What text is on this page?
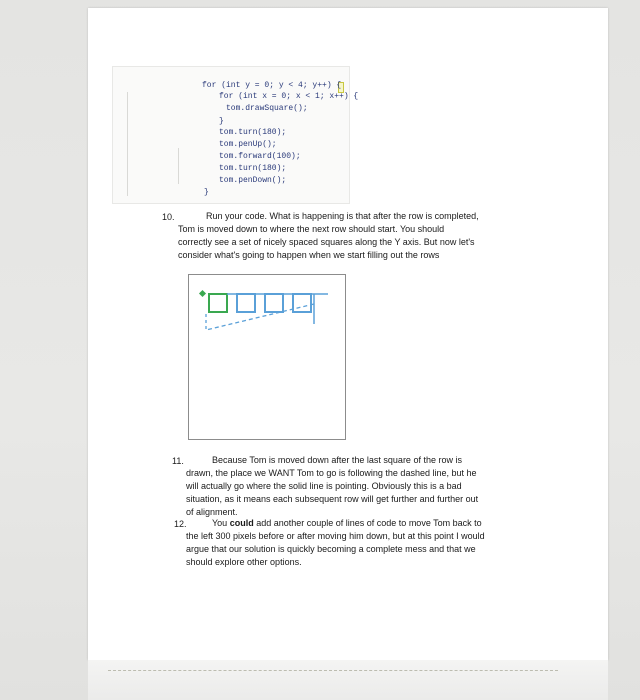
for (int y = 0; y < 4; y++) {
for (int x = 0; x < 1; x++) {
tom.drawSquare();
}
tom.turn(180);
tom.penUp();
tom.forward(100);
tom.turn(180);
tom.penDown();
}
10.	Run your code. What is happening is that after the row is completed,
Tom is moved down to where the next row should start. You should
correctly see a set of nicely spaced squares along the Y axis. But now let's
consider what's going to happen when we start filling out the rows
11.	Because Tom is moved down after the last square of the row is
drawn, the place we WANT Tom to go is following the dashed line, but he
will actually go where the solid line is pointing. Obviously this is a bad
situation, as it means each subsequent row will get further and further out
of alignment.
12.	You could add another couple of lines of code to move Tom back to
the left 300 pixels before or after moving him down, but at this point I would
argue that our solution is quickly becoming a complete mess and that we
should explore other options.
